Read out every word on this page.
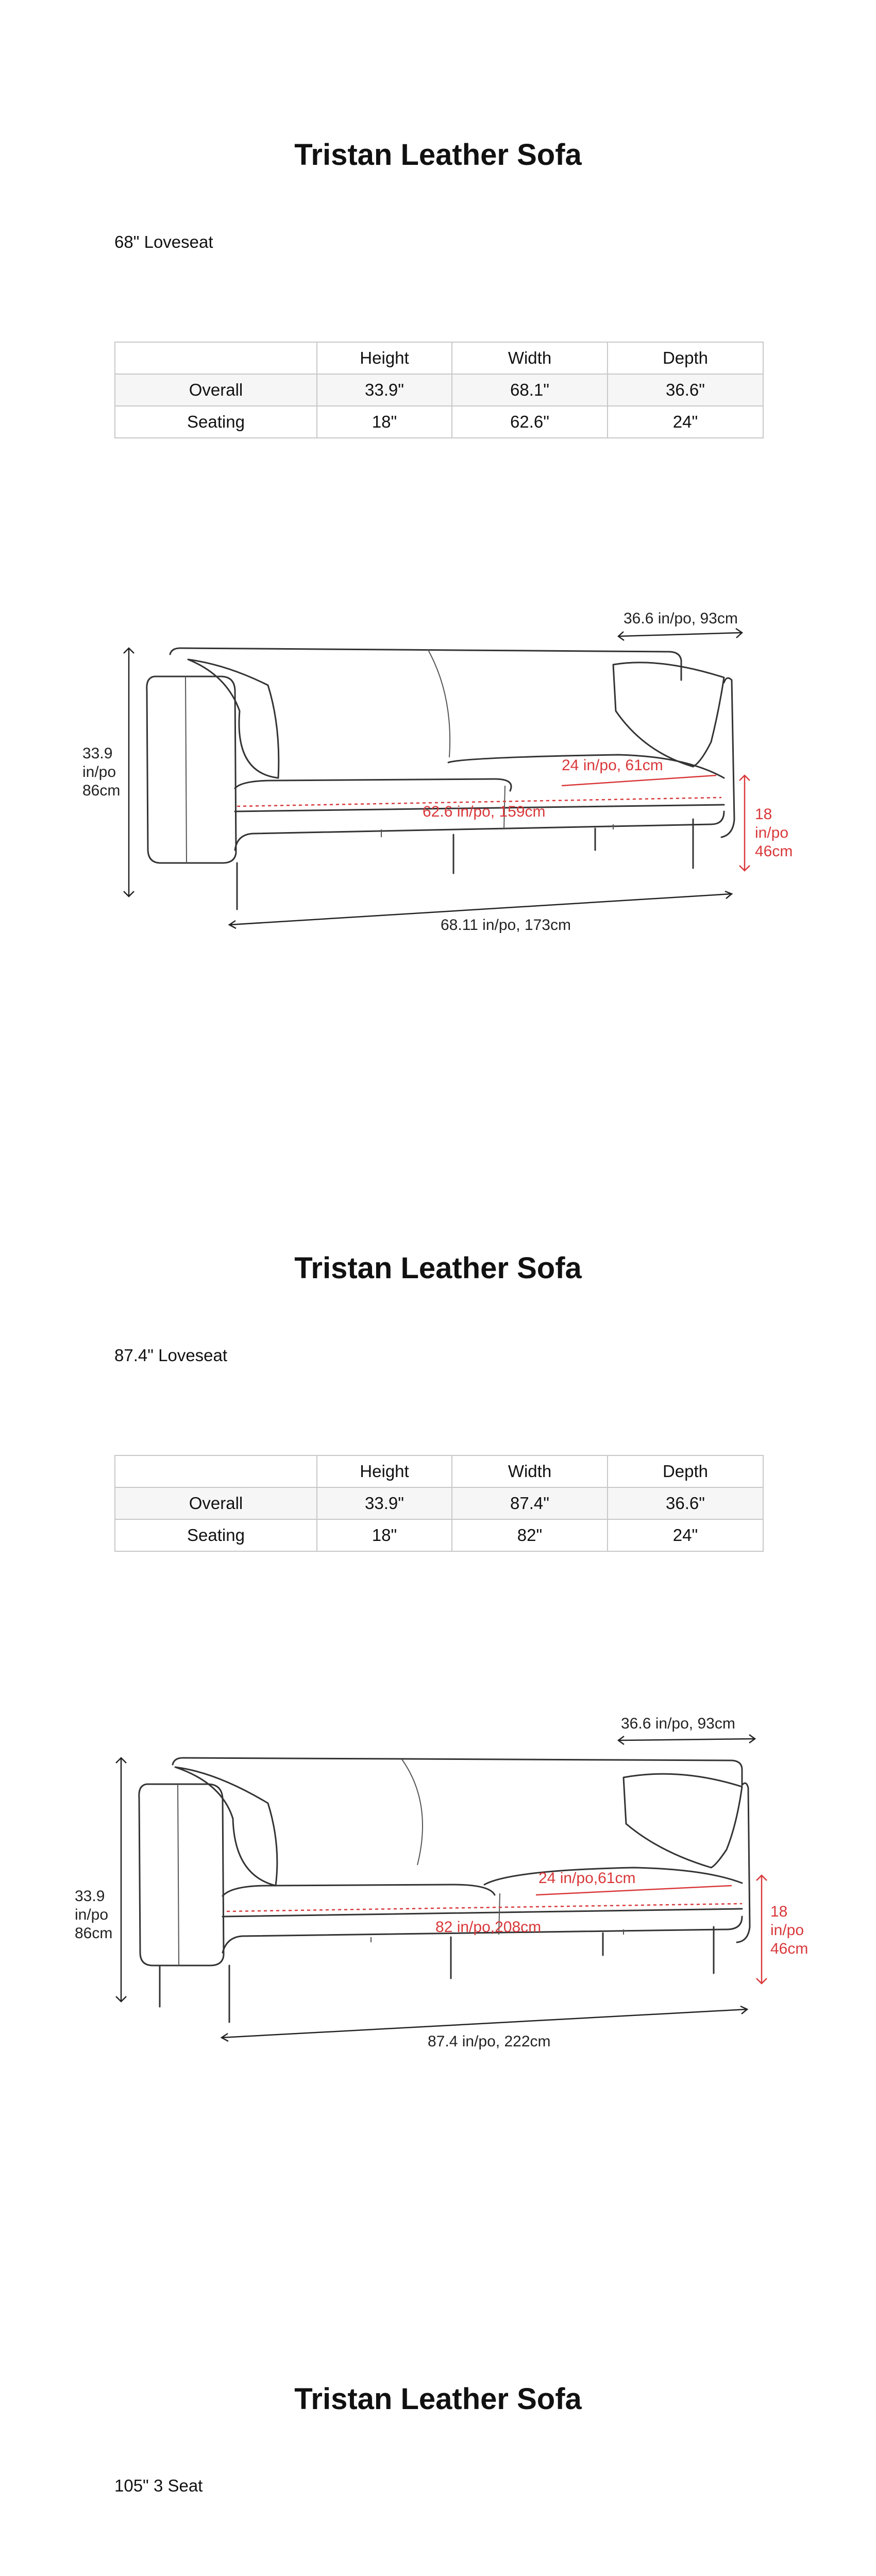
Tristan Leather Sofa
68" Loveseat
	Height	Width	Depth
Overall	33.9"	68.1"	36.6"
Seating	18"	62.6"	24"
33.9
in/po
86cm
68.11 in/po, 173cm
36.6 in/po, 93cm
62.6 in/po, 159cm
24 in/po, 61cm
18
in/po
46cm
Tristan Leather Sofa
87.4" Loveseat
	Height	Width	Depth
Overall	33.9"	87.4"	36.6"
Seating	18"	82"	24"
33.9
in/po
86cm
87.4 in/po, 222cm
36.6 in/po, 93cm
82 in/po,208cm
24 in/po,61cm
18
in/po
46cm
Tristan Leather Sofa
105" 3 Seat
